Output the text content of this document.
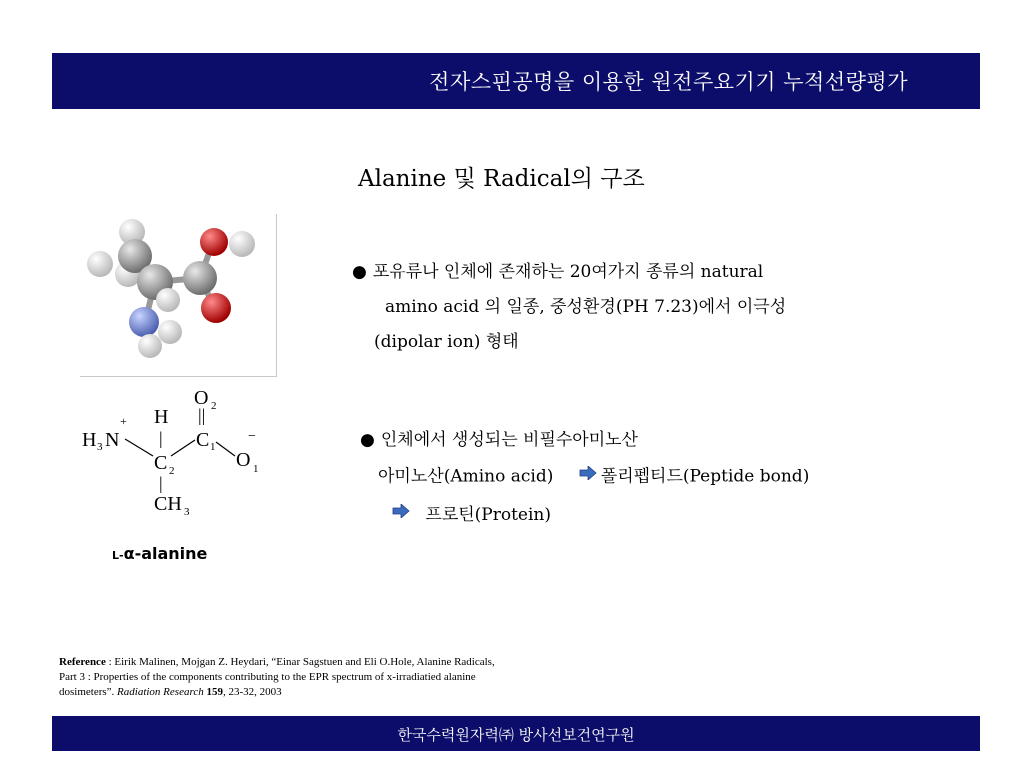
전자스핀공명을 이용한 원전주요기기 누적선량평가
Alanine 및 Radical의 구조
+ H
|
O 2
||
H 3 N	C 1
−
O 1
C 2
|
CH 3
L-α-alanine
● 포유류나 인체에 존재하는 20여가지 종류의 natural
amino acid 의 일종, 중성환경(PH 7.23)에서 이극성
(dipolar ion) 형태
● 인체에서 생성되는 비필수아미노산
아미노산(Amino acid)	폴리펩티드(Peptide bond)
프로틴(Protein)
Reference : Eirik Malinen, Mojgan Z. Heydari, “Einar Sagstuen and Eli O.Hole, Alanine Radicals, Part 3 : Properties of the components contributing to the EPR spectrum of x-irradiatied alanine dosimeters”. Radiation Research 159, 23-32, 2003
한국수력원자력㈜ 방사선보건연구원
